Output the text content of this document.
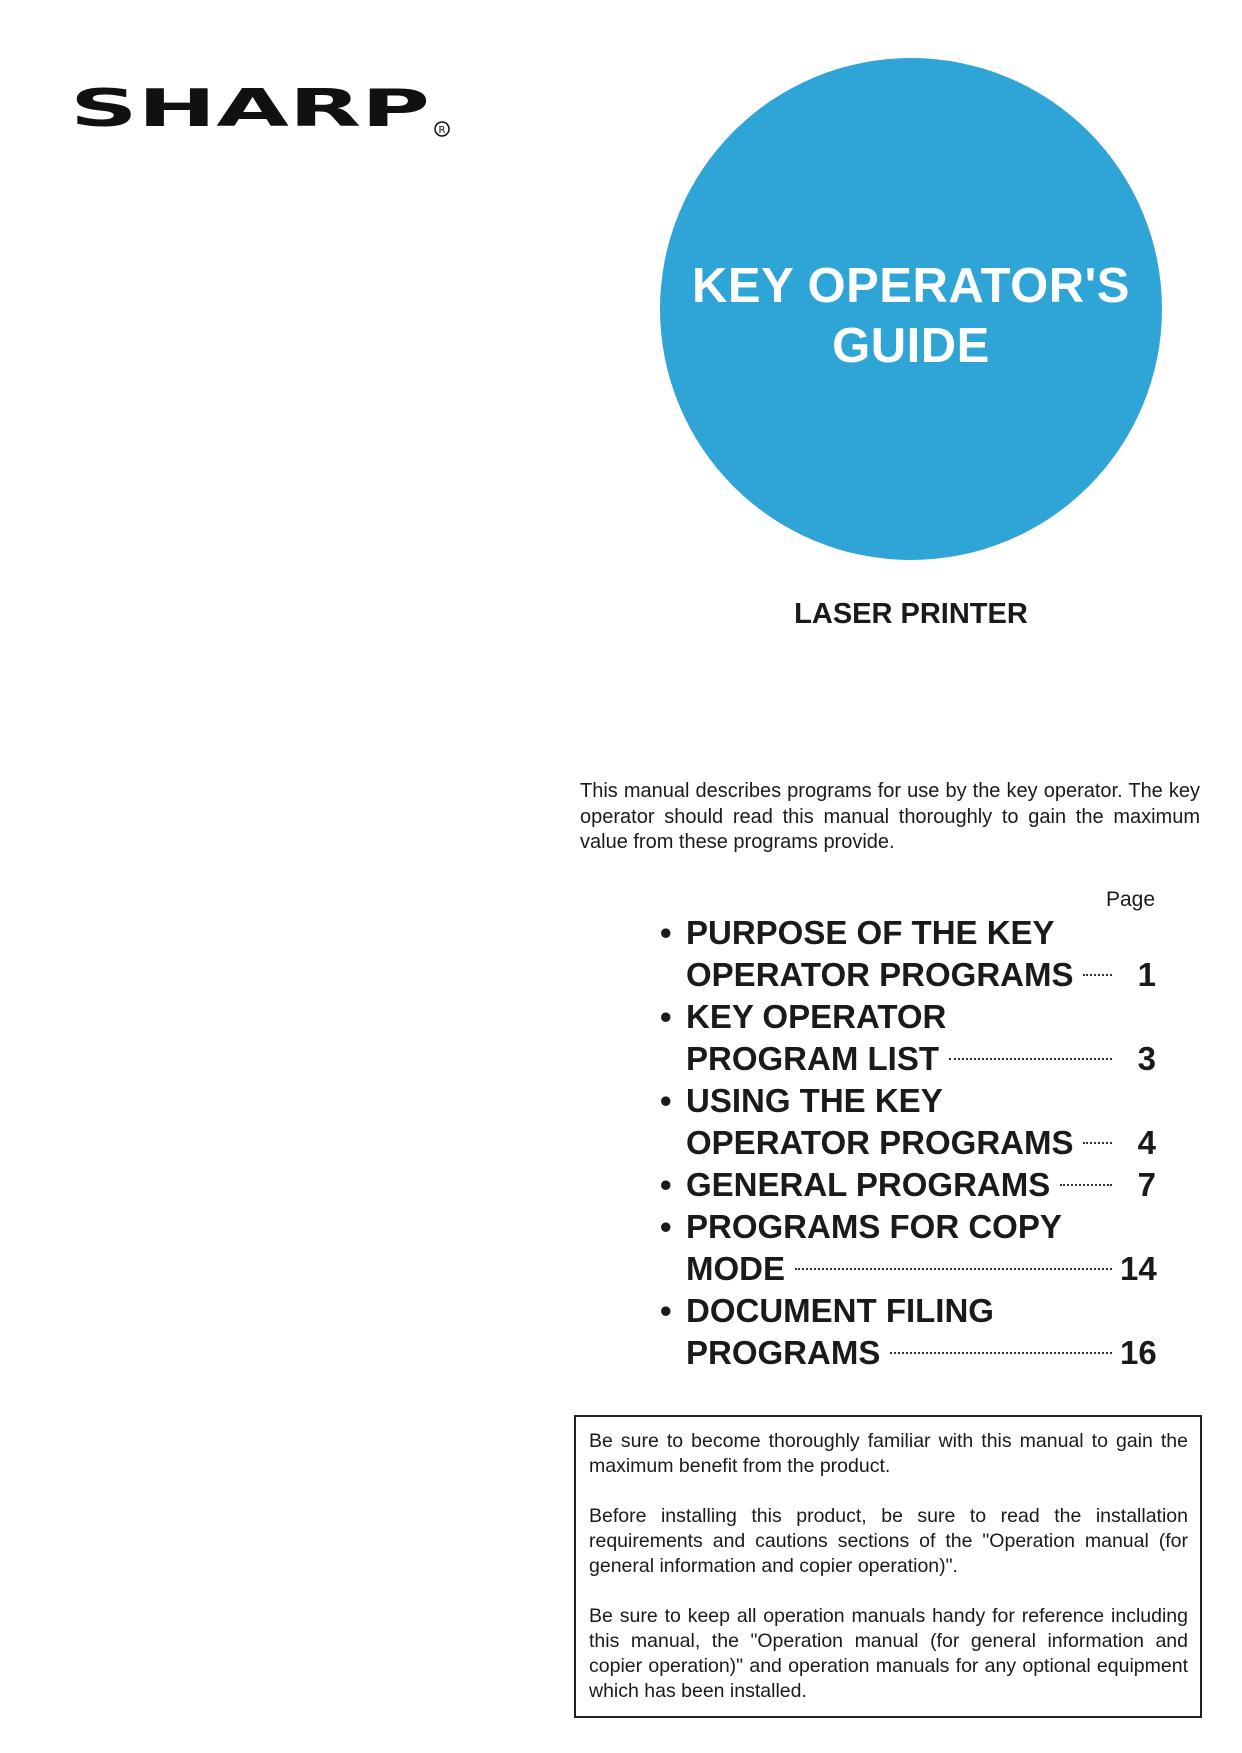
SHARP R
KEY OPERATOR'S
GUIDE
LASER PRINTER
This manual describes programs for use by the key operator. The key operator should read this manual thoroughly to gain the maximum value from these programs provide.
Page
• PURPOSE OF THE KEY
OPERATOR PROGRAMS	1
• KEY OPERATOR
PROGRAM LIST	3
• USING THE KEY
OPERATOR PROGRAMS	4
• GENERAL PROGRAMS	7
• PROGRAMS FOR COPY
MODE	14
• DOCUMENT FILING
PROGRAMS	16

Be sure to become thoroughly familiar with this manual to gain the maximum benefit from the product.

Before installing this product, be sure to read the installation requirements and cautions sections of the "Operation manual (for general information and copier operation)".

Be sure to keep all operation manuals handy for reference including this manual, the "Operation manual (for general information and copier operation)" and operation manuals for any optional equipment which has been installed.
